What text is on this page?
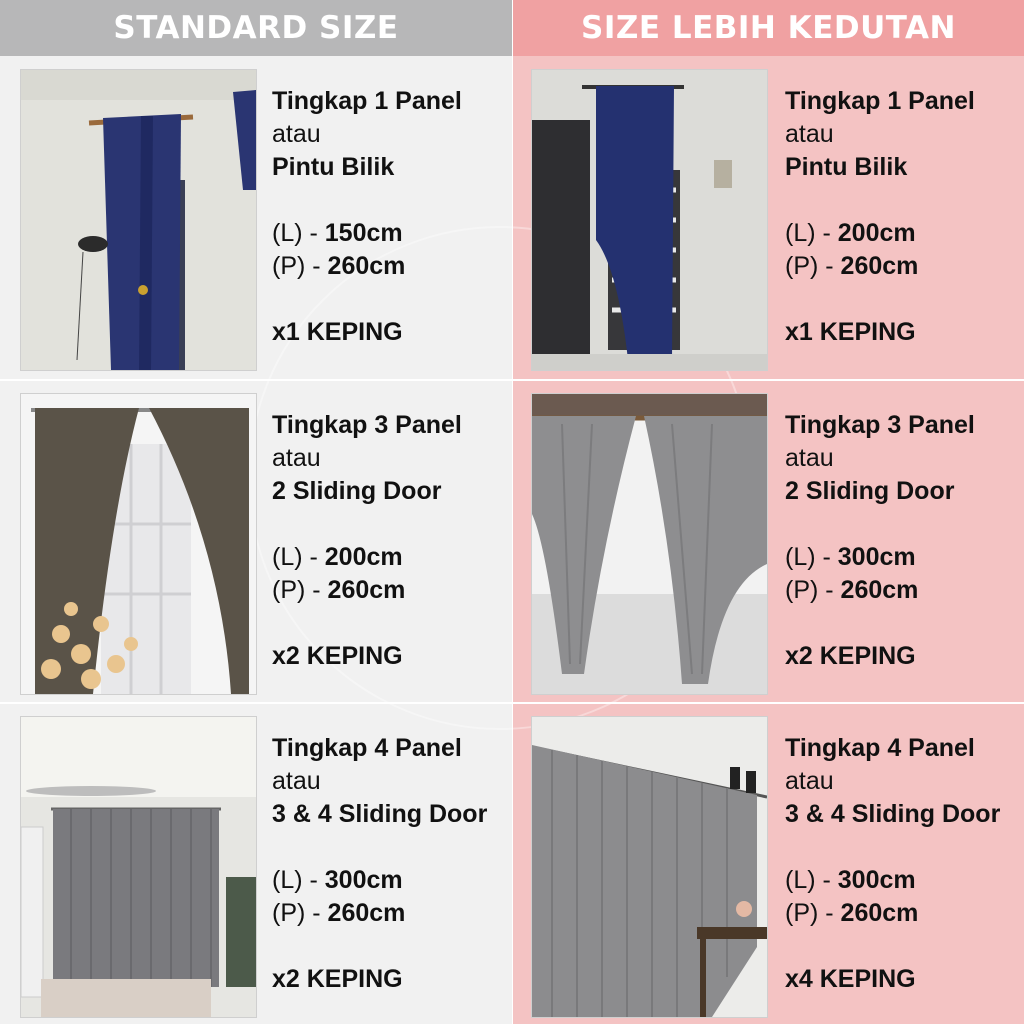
STANDARD SIZE	SIZE LEBIH KEDUTAN
Tingkap 1 Panel
atau
Pintu Bilik
(L) - 150cm
(P) - 260cm
x1 KEPING
Tingkap 1 Panel
atau
Pintu Bilik
(L) - 200cm
(P) - 260cm
x1 KEPING
Tingkap 3 Panel
atau
2 Sliding Door
(L) - 200cm
(P) - 260cm
x2 KEPING
Tingkap 3 Panel
atau
2 Sliding Door
(L) - 300cm
(P) - 260cm
x2 KEPING
Tingkap 4 Panel
atau
3 & 4 Sliding Door
(L) - 300cm
(P) - 260cm
x2 KEPING
Tingkap 4 Panel
atau
3 & 4 Sliding Door
(L) - 300cm
(P) - 260cm
x4 KEPING
